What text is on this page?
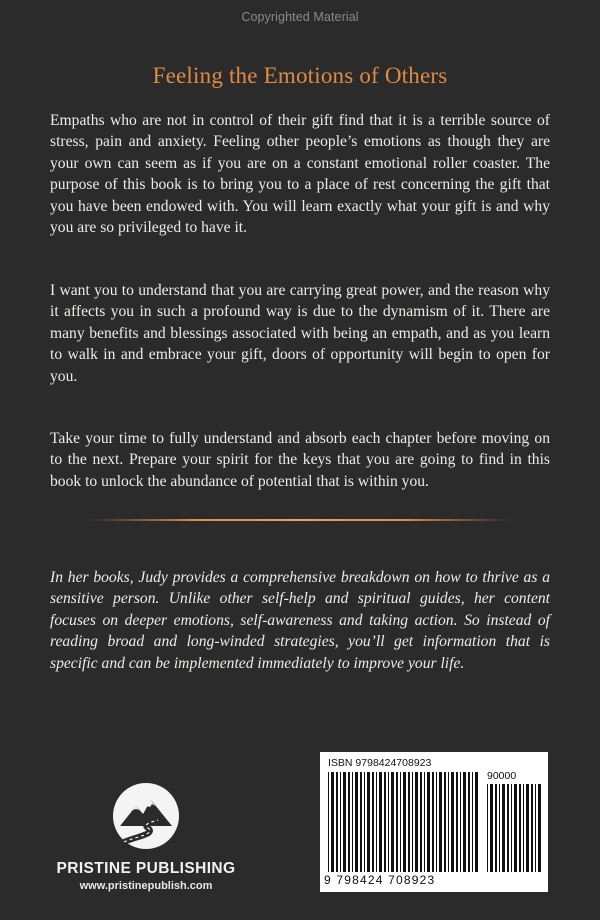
Copyrighted Material
Feeling the Emotions of Others
Empaths who are not in control of their gift find that it is a terrible source of stress, pain and anxiety. Feeling other people’s emotions as though they are your own can seem as if you are on a constant emotional roller coaster. The purpose of this book is to bring you to a place of rest concerning the gift that you have been endowed with. You will learn exactly what your gift is and why you are so privileged to have it.
I want you to understand that you are carrying great power, and the reason why it affects you in such a profound way is due to the dynamism of it. There are many benefits and blessings associated with being an empath, and as you learn to walk in and embrace your gift, doors of opportunity will begin to open for you.
Take your time to fully understand and absorb each chapter before moving on to the next. Prepare your spirit for the keys that you are going to find in this book to unlock the abundance of potential that is within you.
In her books, Judy provides a comprehensive breakdown on how to thrive as a sensitive person. Unlike other self-help and spiritual guides, her content focuses on deeper emotions, self-awareness and taking action. So instead of reading broad and long-winded strategies, you’ll get information that is specific and can be implemented immediately to improve your life.
PRISTINE PUBLISHING
www.pristinepublish.com
ISBN 9798424708923
90000
9 798424 708923
